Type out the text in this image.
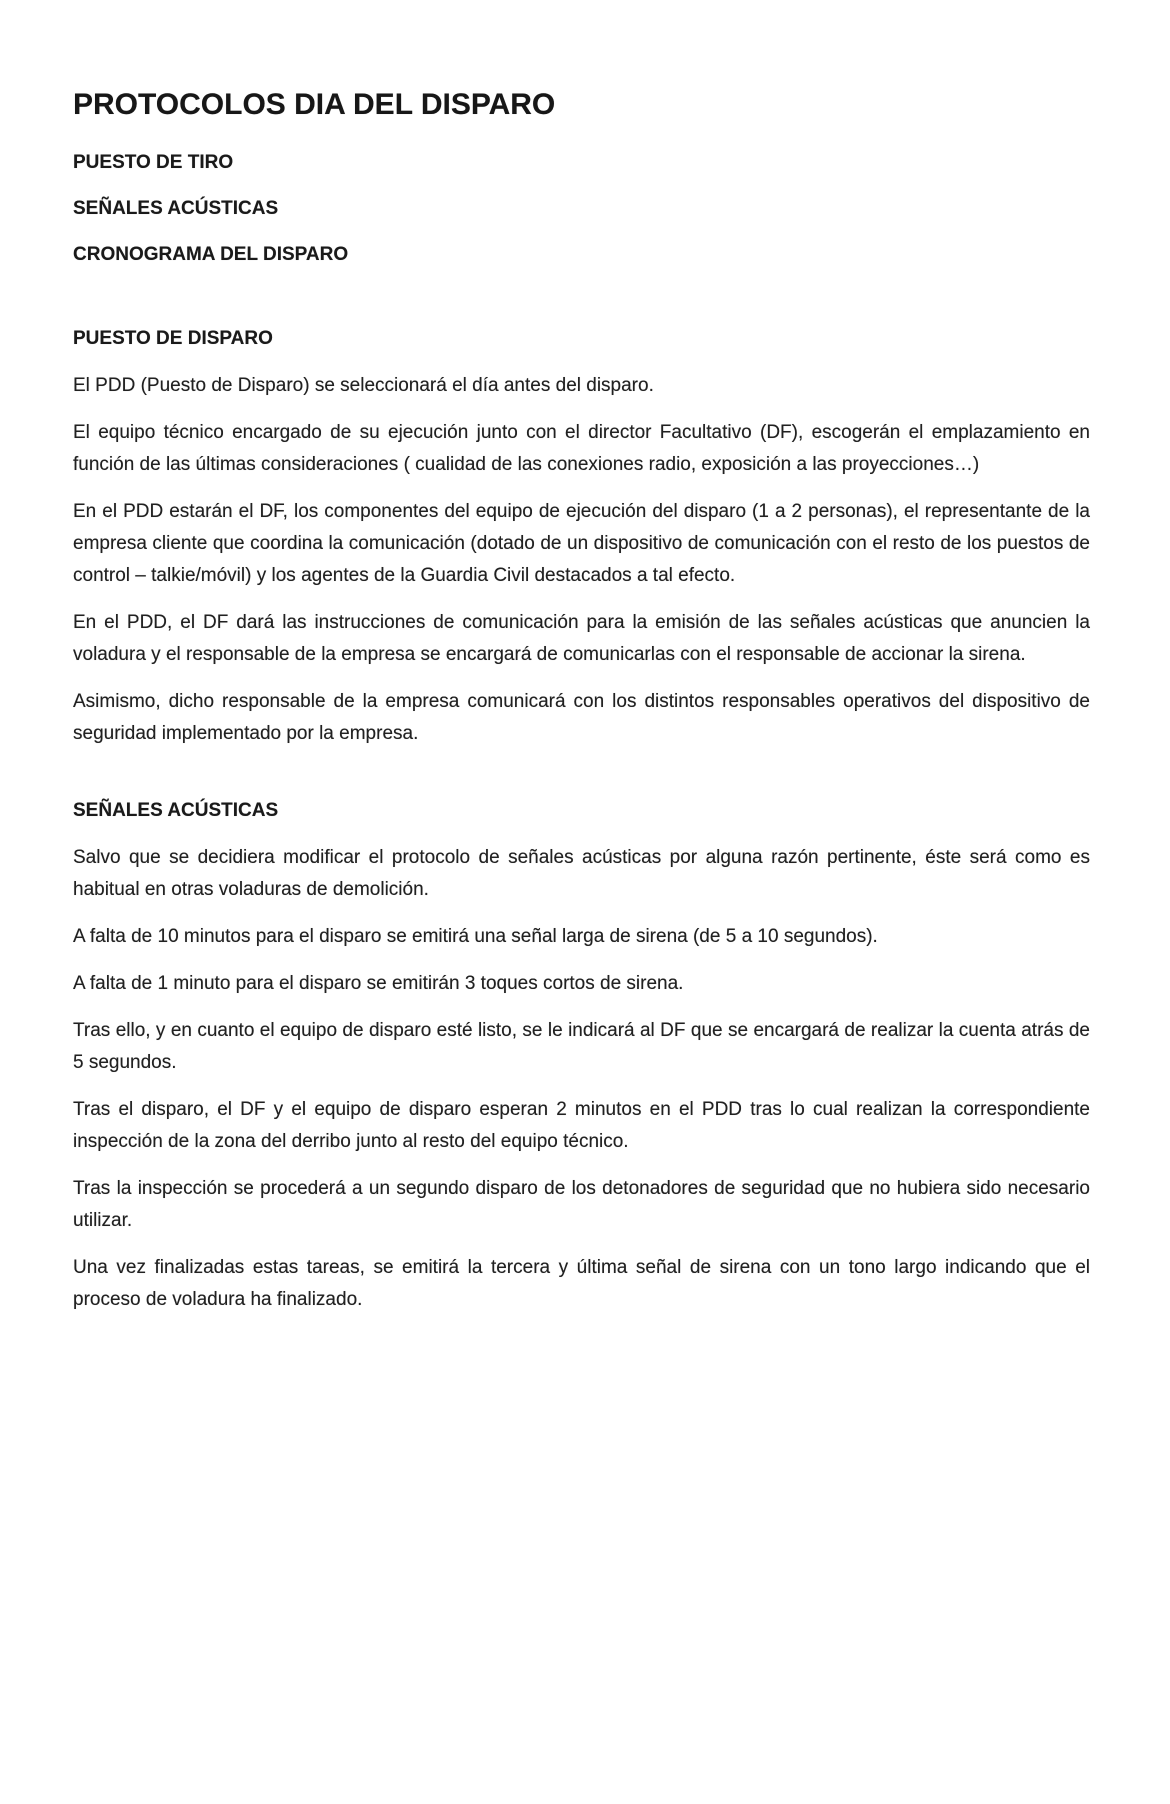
PROTOCOLOS DIA DEL DISPARO
PUESTO DE TIRO
SEÑALES ACÚSTICAS
CRONOGRAMA DEL DISPARO
PUESTO DE DISPARO

El PDD (Puesto de Disparo) se seleccionará el día antes del disparo.

El equipo técnico encargado de su ejecución junto con el director Facultativo (DF), escogerán el emplazamiento en función de las últimas consideraciones ( cualidad de las conexiones radio, exposición a las proyecciones…)

En el PDD estarán el DF, los componentes del equipo de ejecución del disparo (1 a 2 personas), el representante de la empresa cliente que coordina la comunicación (dotado de un dispositivo de comunicación con el resto de los puestos de control – talkie/móvil) y los agentes de la Guardia Civil destacados a tal efecto.

En el PDD, el DF dará las instrucciones de comunicación para la emisión de las señales acústicas que anuncien la voladura y el responsable de la empresa se encargará de comunicarlas con el responsable de accionar la sirena.

Asimismo, dicho responsable de la empresa comunicará con los distintos responsables operativos del dispositivo de seguridad implementado por la empresa.

SEÑALES ACÚSTICAS

Salvo que se decidiera modificar el protocolo de señales acústicas por alguna razón pertinente, éste será como es habitual en otras voladuras de demolición.

A falta de 10 minutos para el disparo se emitirá una señal larga de sirena (de 5 a 10 segundos).

A falta de 1 minuto para el disparo se emitirán 3 toques cortos de sirena.

Tras ello, y en cuanto el equipo de disparo esté listo, se le indicará al DF que se encargará de realizar la cuenta atrás de 5 segundos.

Tras el disparo, el DF y el equipo de disparo esperan 2 minutos en el PDD tras lo cual realizan la correspondiente inspección de la zona del derribo junto al resto del equipo técnico.

Tras la inspección se procederá a un segundo disparo de los detonadores de seguridad que no hubiera sido necesario utilizar.

Una vez finalizadas estas tareas, se emitirá la tercera y última señal de sirena con un tono largo indicando que el proceso de voladura ha finalizado.
